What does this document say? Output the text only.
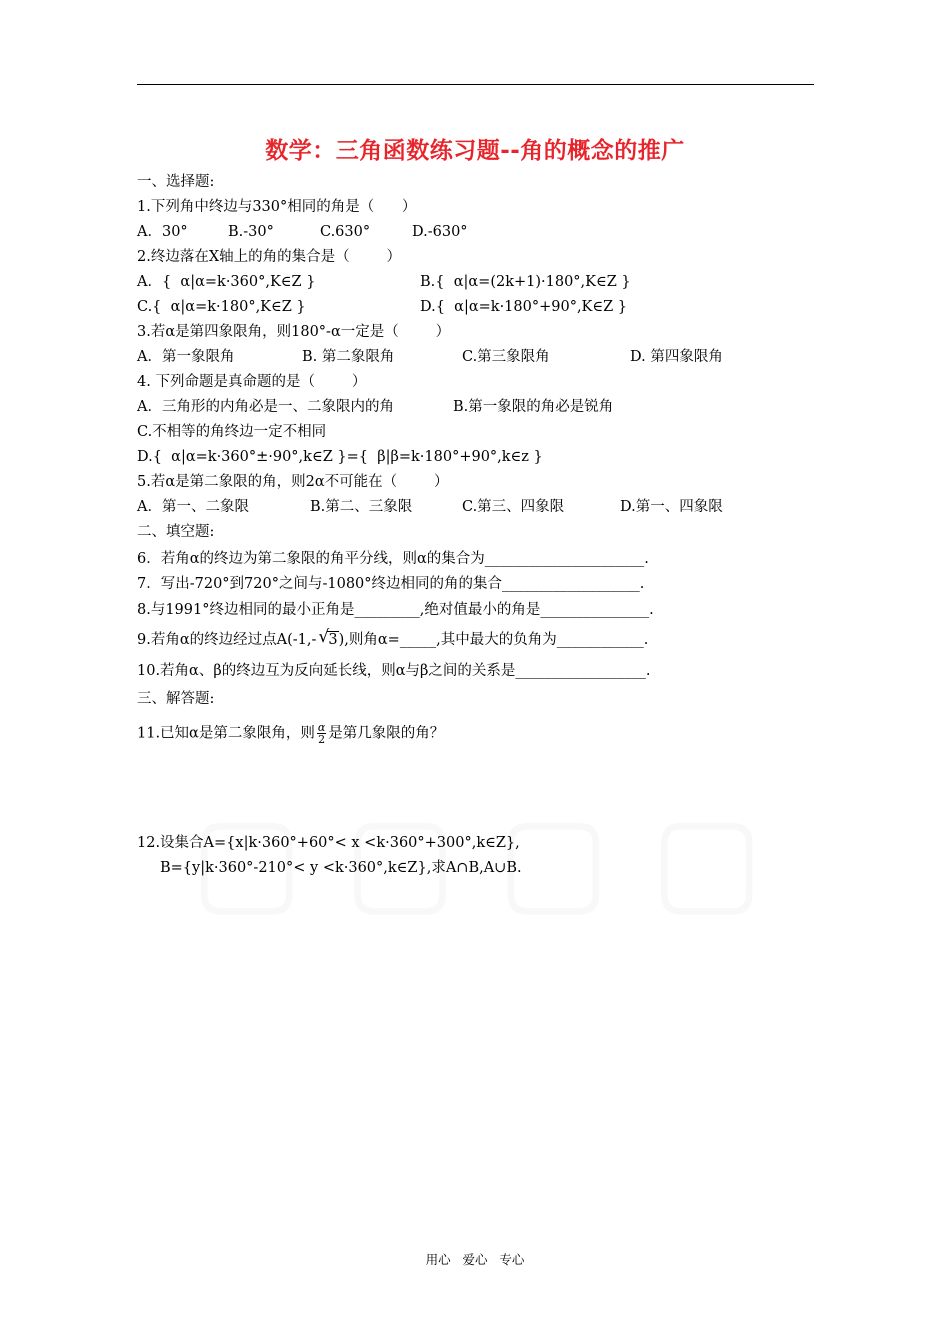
数学：三角函数练习题--角的概念的推广
一、选择题:
1.下列角中终边与330°相同的角是（      ）
A．30°	B.-30°	C.630°	D.-630°
2.终边落在X轴上的角的集合是（        ）
A．{  α|α=k·360°,K∈Z }	B.{  α|α=(2k+1)·180°,K∈Z }
C.{  α|α=k·180°,K∈Z }	D.{  α|α=k·180°+90°,K∈Z }
3.若α是第四象限角，则180°-α一定是（        ）
A．第一象限角	B. 第二象限角	C.第三象限角	D. 第四象限角
4. 下列命题是真命题的是（        ）
A．三角形的内角必是一、二象限内的角	B.第一象限的角必是锐角
C.不相等的角终边一定不相同
D.{  α|α=k·360°±·90°,k∈Z }={  β|β=k·180°+90°,k∈z }
5.若α是第二象限的角，则2α不可能在（        ）
A．第一、二象限	B.第二、三象限	C.第三、四象限	D.第一、四象限
二、填空题:
6．若角α的终边为第二象限的角平分线，则α的集合为______________________.
7．写出-720°到720°之间与-1080°终边相同的角的集合___________________.
8.与1991°终边相同的最小正角是_________,绝对值最小的角是_______________.
9.若角α的终边经过点A(-1,- √ 3),则角α=_____,其中最大的负角为____________.
10.若角α、β的终边互为反向延长线，则α与β之间的关系是__________________.
三、解答题:
11.已知α是第二象限角，则 $\frac{\alpha}{2}$ 是第几象限的角？
12.设集合A={x|k·360°+60°< x <k·360°+300°,k∈Z},
B={y|k·360°-210°< y <k·360°,k∈Z},求A∩B,A∪B.
用心   爱心   专心
